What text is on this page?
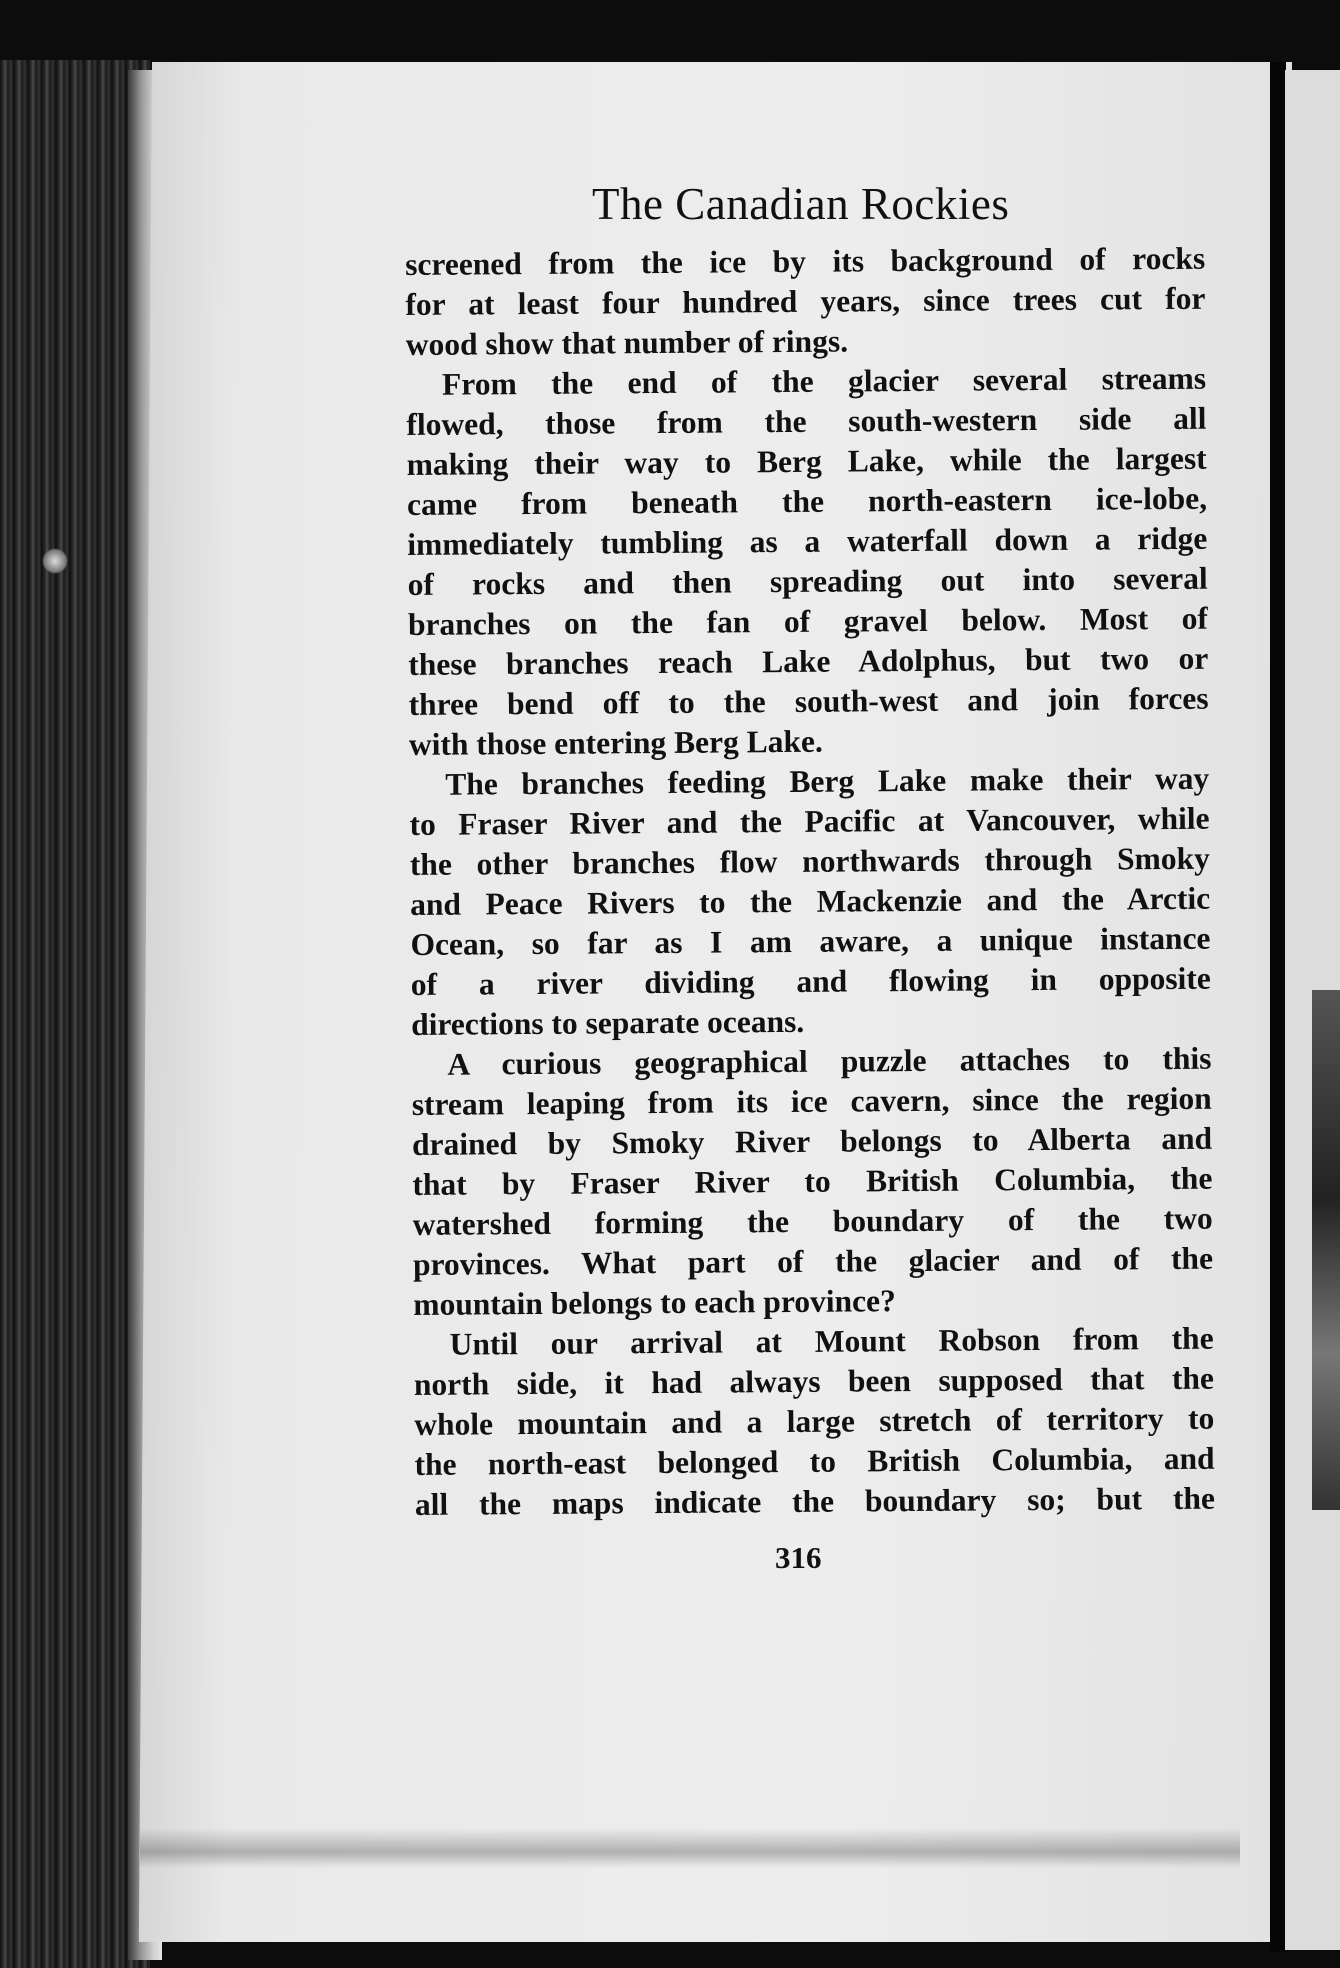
The Canadian Rockies
screened from the ice by its background of rocks
for at least four hundred years, since trees cut for
wood show that number of rings.
From the end of the glacier several streams
flowed, those from the south-western side all
making their way to Berg Lake, while the largest
came from beneath the north-eastern ice-lobe,
immediately tumbling as a waterfall down a ridge
of rocks and then spreading out into several
branches on the fan of gravel below. Most of
these branches reach Lake Adolphus, but two or
three bend off to the south-west and join forces
with those entering Berg Lake.
The branches feeding Berg Lake make their way
to Fraser River and the Pacific at Vancouver, while
the other branches flow northwards through Smoky
and Peace Rivers to the Mackenzie and the Arctic
Ocean, so far as I am aware, a unique instance
of a river dividing and flowing in opposite
directions to separate oceans.
A curious geographical puzzle attaches to this
stream leaping from its ice cavern, since the region
drained by Smoky River belongs to Alberta and
that by Fraser River to British Columbia, the
watershed forming the boundary of the two
provinces. What part of the glacier and of the
mountain belongs to each province?
Until our arrival at Mount Robson from the
north side, it had always been supposed that the
whole mountain and a large stretch of territory to
the north-east belonged to British Columbia, and
all the maps indicate the boundary so; but the
316
